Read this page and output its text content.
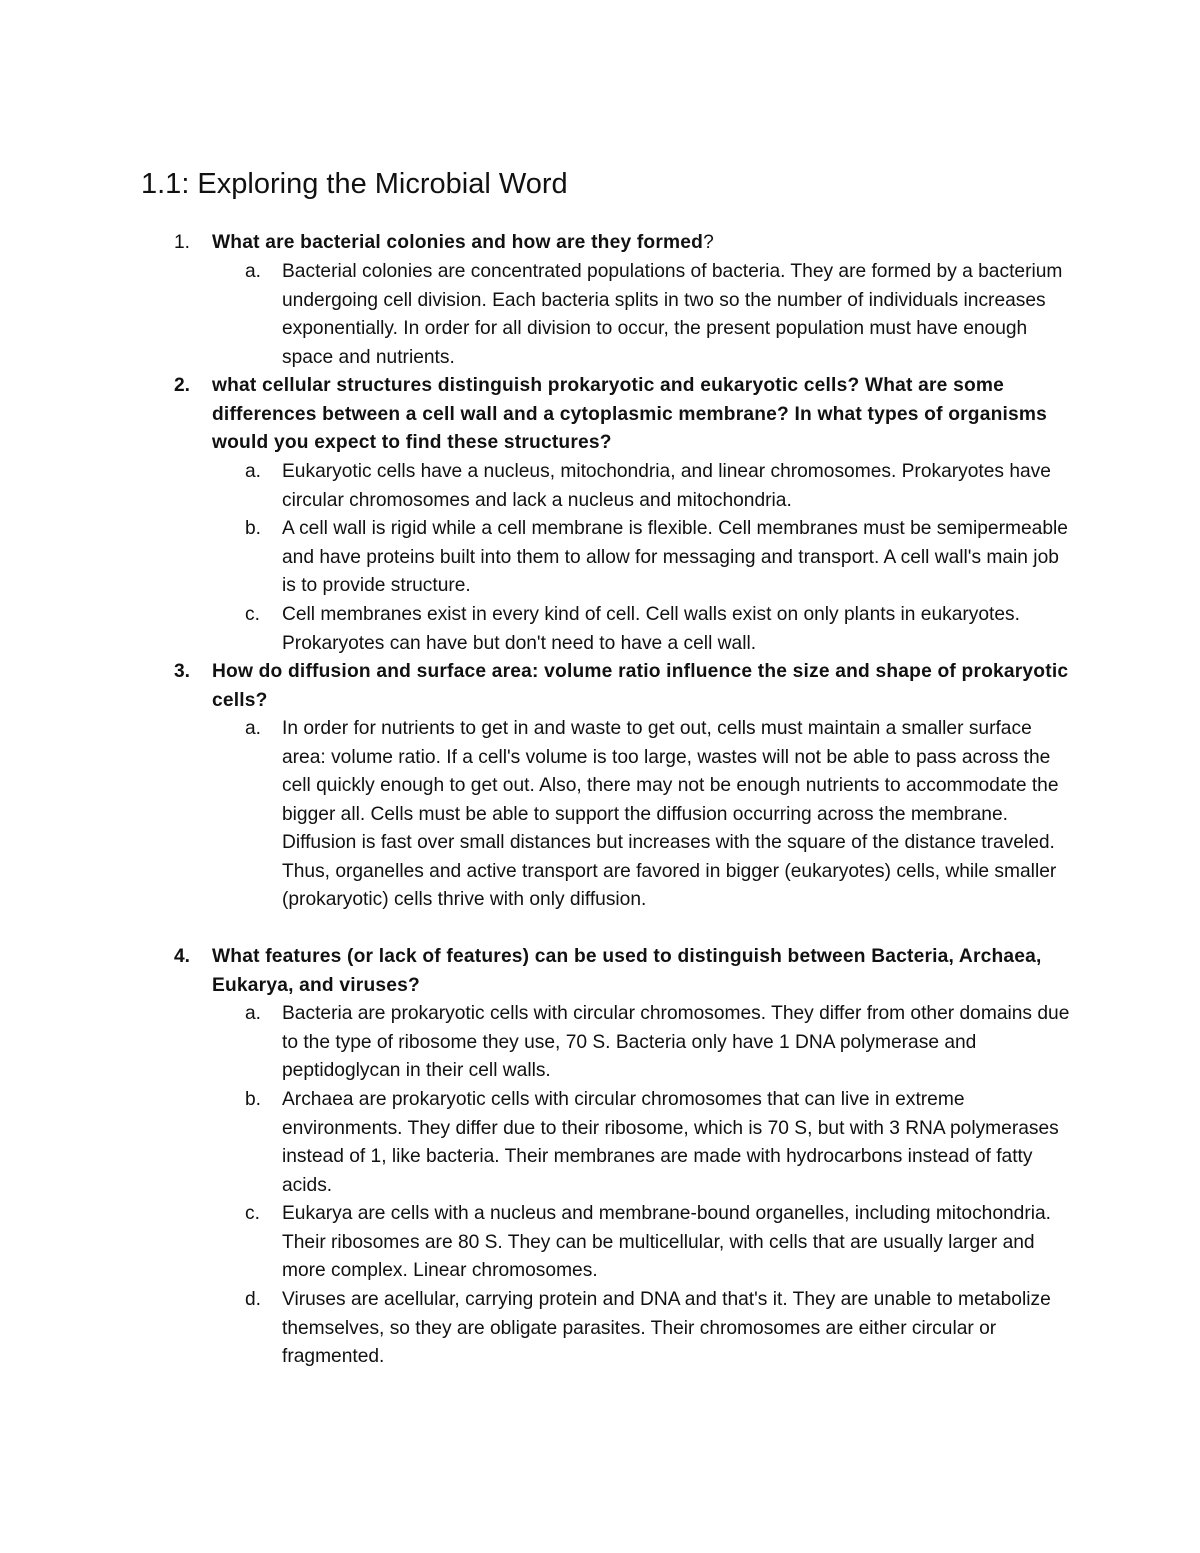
1.1: Exploring the Microbial Word
1. What are bacterial colonies and how are they formed?
a. Bacterial colonies are concentrated populations of bacteria. They are formed by a bacterium undergoing cell division. Each bacteria splits in two so the number of individuals increases exponentially. In order for all division to occur, the present population must have enough space and nutrients.
2. what cellular structures distinguish prokaryotic and eukaryotic cells? What are some differences between a cell wall and a cytoplasmic membrane? In what types of organisms would you expect to find these structures?
a. Eukaryotic cells have a nucleus, mitochondria, and linear chromosomes. Prokaryotes have circular chromosomes and lack a nucleus and mitochondria.
b. A cell wall is rigid while a cell membrane is flexible. Cell membranes must be semipermeable and have proteins built into them to allow for messaging and transport. A cell wall's main job is to provide structure.
c. Cell membranes exist in every kind of cell. Cell walls exist on only plants in eukaryotes. Prokaryotes can have but don't need to have a cell wall.
3. How do diffusion and surface area: volume ratio influence the size and shape of prokaryotic cells?
a. In order for nutrients to get in and waste to get out, cells must maintain a smaller surface area: volume ratio. If a cell's volume is too large, wastes will not be able to pass across the cell quickly enough to get out. Also, there may not be enough nutrients to accommodate the bigger all. Cells must be able to support the diffusion occurring across the membrane. Diffusion is fast over small distances but increases with the square of the distance traveled. Thus, organelles and active transport are favored in bigger (eukaryotes) cells, while smaller (prokaryotic) cells thrive with only diffusion.
4. What features (or lack of features) can be used to distinguish between Bacteria, Archaea, Eukarya, and viruses?
a. Bacteria are prokaryotic cells with circular chromosomes. They differ from other domains due to the type of ribosome they use, 70 S. Bacteria only have 1 DNA polymerase and peptidoglycan in their cell walls.
b. Archaea are prokaryotic cells with circular chromosomes that can live in extreme environments. They differ due to their ribosome, which is 70 S, but with 3 RNA polymerases instead of 1, like bacteria. Their membranes are made with hydrocarbons instead of fatty acids.
c. Eukarya are cells with a nucleus and membrane-bound organelles, including mitochondria. Their ribosomes are 80 S. They can be multicellular, with cells that are usually larger and more complex. Linear chromosomes.
d. Viruses are acellular, carrying protein and DNA and that's it. They are unable to metabolize themselves, so they are obligate parasites. Their chromosomes are either circular or fragmented.
